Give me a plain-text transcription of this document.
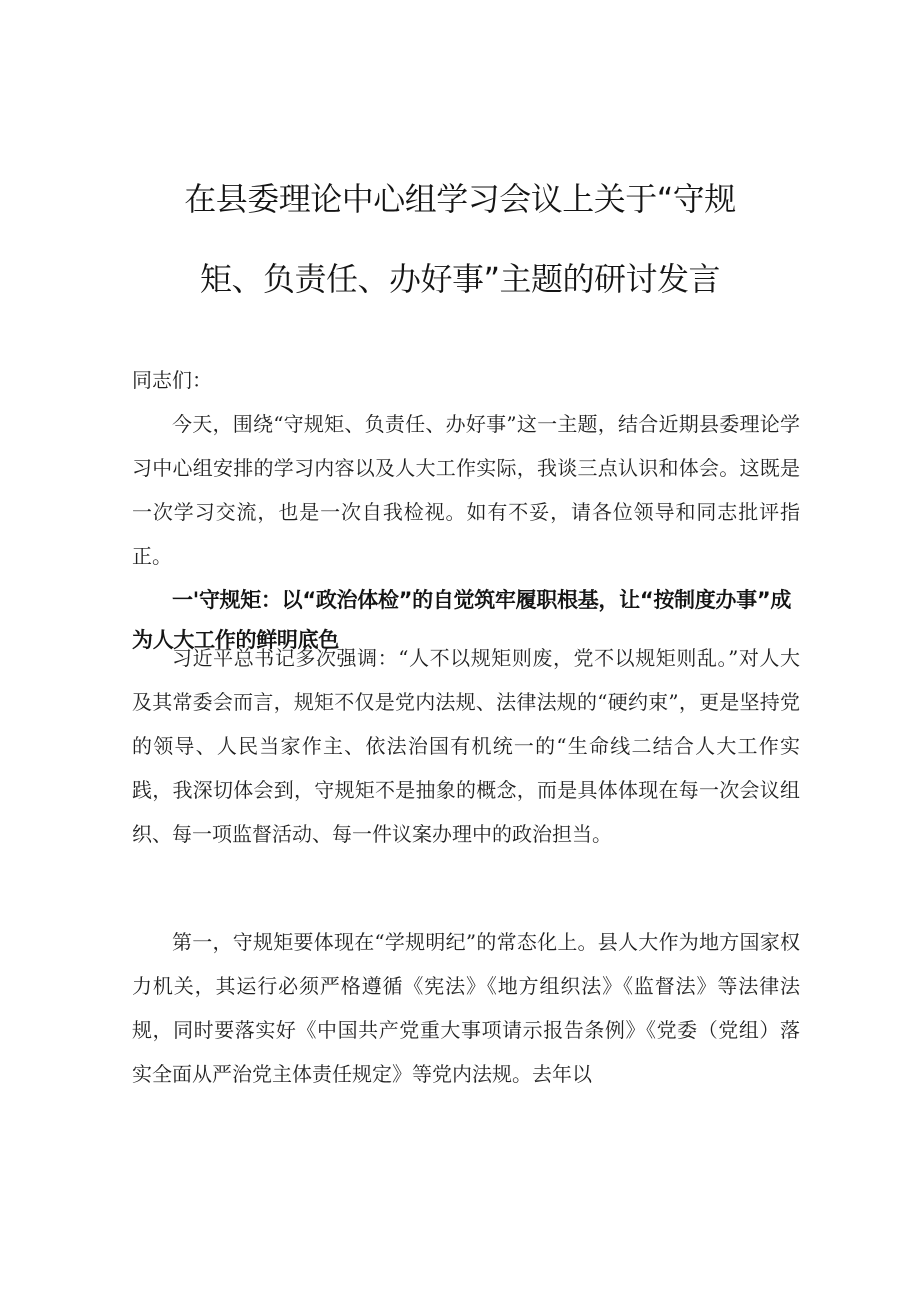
在县委理论中心组学习会议上关于“守规
矩、负责任、办好事”主题的研讨发言

同志们：

今天，围绕“守规矩、负责任、办好事”这一主题，结合近期县委理论学习中心组安排的学习内容以及人大工作实际，我谈三点认识和体会。这既是一次学习交流，也是一次自我检视。如有不妥，请各位领导和同志批评指正。

一'守规矩：以“政治体检”的自觉筑牢履职根基，让“按制度办事”成为人大工作的鲜明底色

习近平总书记多次强调：“人不以规矩则废，党不以规矩则乱。”对人大及其常委会而言，规矩不仅是党内法规、法律法规的“硬约束”，更是坚持党的领导、人民当家作主、依法治国有机统一的“生命线二结合人大工作实践，我深切体会到，守规矩不是抽象的概念，而是具体体现在每一次会议组织、每一项监督活动、每一件议案办理中的政治担当。

第一，守规矩要体现在“学规明纪”的常态化上。县人大作为地方国家权力机关，其运行必须严格遵循《宪法》《地方组织法》《监督法》等法律法规，同时要落实好《中国共产党重大事项请示报告条例》《党委（党组）落实全面从严治党主体责任规定》等党内法规。去年以
